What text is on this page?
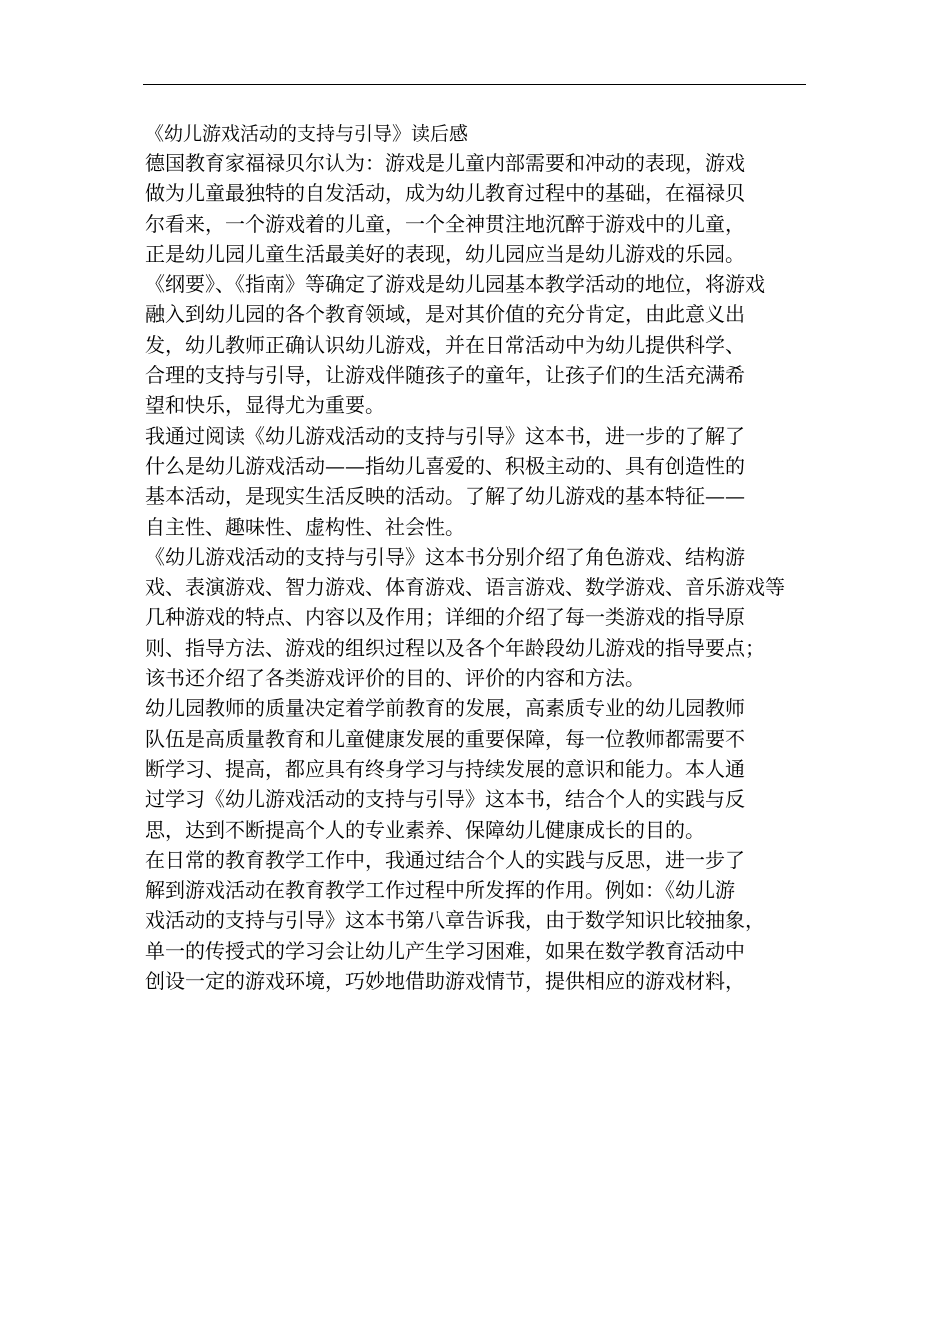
《幼儿游戏活动的支持与引导》读后感
德国教育家福禄贝尔认为：游戏是儿童内部需要和冲动的表现，游戏
做为儿童最独特的自发活动，成为幼儿教育过程中的基础，在福禄贝
尔看来，一个游戏着的儿童，一个全神贯注地沉醉于游戏中的儿童，
正是幼儿园儿童生活最美好的表现，幼儿园应当是幼儿游戏的乐园。
《纲要》、《指南》等确定了游戏是幼儿园基本教学活动的地位，将游戏
融入到幼儿园的各个教育领域，是对其价值的充分肯定，由此意义出
发，幼儿教师正确认识幼儿游戏，并在日常活动中为幼儿提供科学、
合理的支持与引导，让游戏伴随孩子的童年，让孩子们的生活充满希
望和快乐，显得尤为重要。
我通过阅读《幼儿游戏活动的支持与引导》这本书，进一步的了解了
什么是幼儿游戏活动——指幼儿喜爱的、积极主动的、具有创造性的
基本活动，是现实生活反映的活动。了解了幼儿游戏的基本特征——
自主性、趣味性、虚构性、社会性。
《幼儿游戏活动的支持与引导》这本书分别介绍了角色游戏、结构游
戏、表演游戏、智力游戏、体育游戏、语言游戏、数学游戏、音乐游戏等
几种游戏的特点、内容以及作用；详细的介绍了每一类游戏的指导原
则、指导方法、游戏的组织过程以及各个年龄段幼儿游戏的指导要点；
该书还介绍了各类游戏评价的目的、评价的内容和方法。
幼儿园教师的质量决定着学前教育的发展，高素质专业的幼儿园教师
队伍是高质量教育和儿童健康发展的重要保障，每一位教师都需要不
断学习、提高，都应具有终身学习与持续发展的意识和能力。本人通
过学习《幼儿游戏活动的支持与引导》这本书，结合个人的实践与反
思，达到不断提高个人的专业素养、保障幼儿健康成长的目的。
在日常的教育教学工作中，我通过结合个人的实践与反思，进一步了
解到游戏活动在教育教学工作过程中所发挥的作用。例如：《幼儿游
戏活动的支持与引导》这本书第八章告诉我，由于数学知识比较抽象，
单一的传授式的学习会让幼儿产生学习困难，如果在数学教育活动中
创设一定的游戏环境，巧妙地借助游戏情节，提供相应的游戏材料，
